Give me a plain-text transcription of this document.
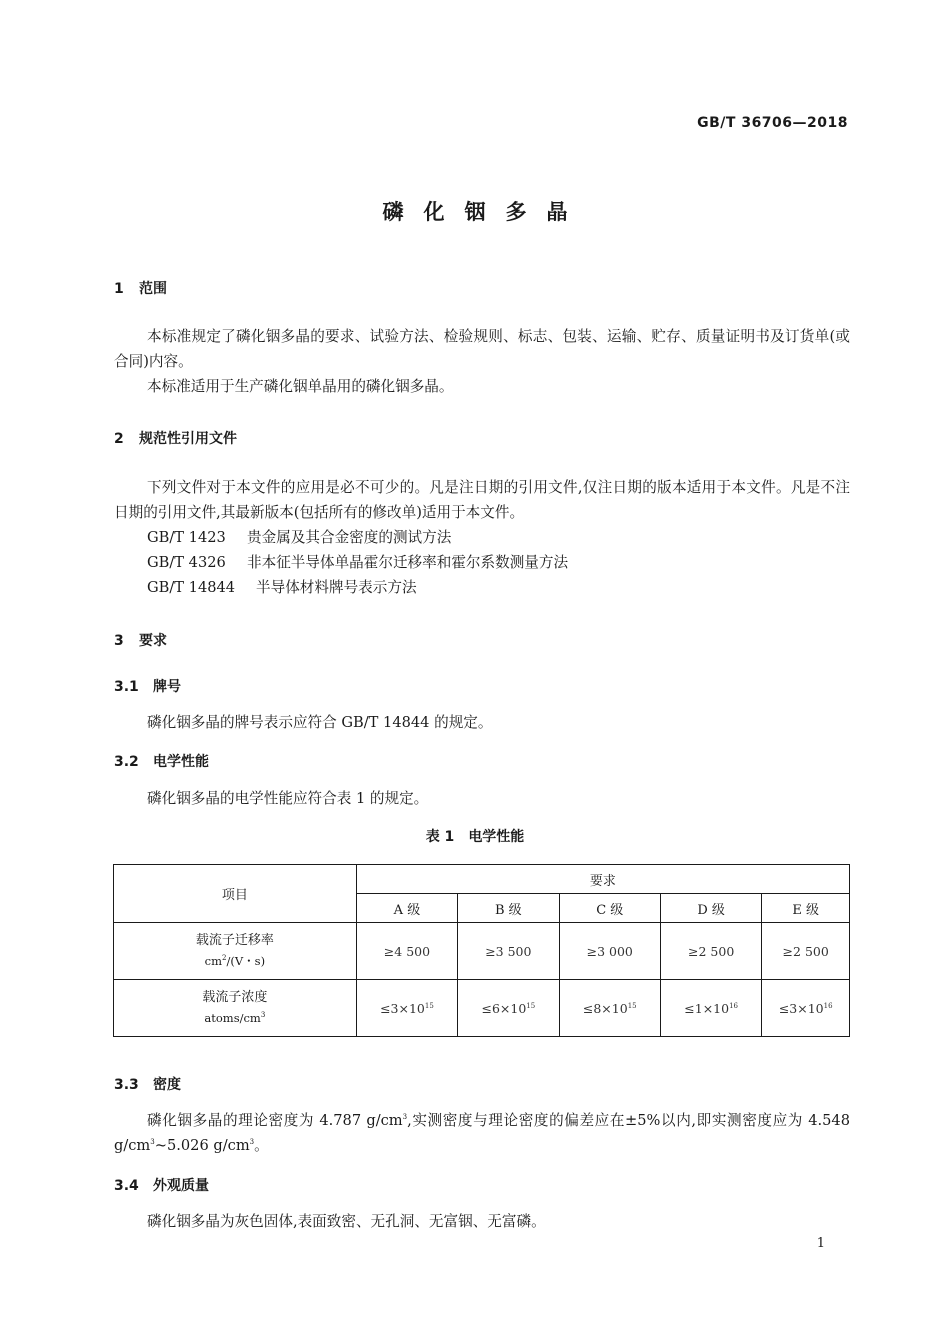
GB/T 36706—2018
磷化铟多晶
1 范围
本标准规定了磷化铟多晶的要求、试验方法、检验规则、标志、包装、运输、贮存、质量证明书及订货单(或合同)内容。
本标准适用于生产磷化铟单晶用的磷化铟多晶。
2 规范性引用文件
下列文件对于本文件的应用是必不可少的。凡是注日期的引用文件,仅注日期的版本适用于本文件。凡是不注日期的引用文件,其最新版本(包括所有的修改单)适用于本文件。
GB/T 1423 贵金属及其合金密度的测试方法
GB/T 4326 非本征半导体单晶霍尔迁移率和霍尔系数测量方法
GB/T 14844 半导体材料牌号表示方法
3 要求
3.1 牌号
磷化铟多晶的牌号表示应符合 GB/T 14844 的规定。
3.2 电学性能
磷化铟多晶的电学性能应符合表 1 的规定。
表 1 电学性能
项目	要求				
	A 级	B 级	C 级	D 级	E 级

载流子迁移率
$cm^2/(V$・s)	≥4 500	≥3 500	≥3 000	≥2 500	≥2 500

载流子浓度
atoms/$cm^3$	$\le 3\times 10^{15}$	$\le 6\times 10^{15}$	$\le 8\times 10^{15}$	$\le 1\times 10^{16}$	$\le 3\times 10^{16}$
3.3 密度
磷化铟多晶的理论密度为 4.787 $g/cm^3$,实测密度与理论密度的偏差应在±5%以内,即实测密度应为 4.548 $g/cm^3\sim 5.026$ $g/cm^3$。
3.4 外观质量
磷化铟多晶为灰色固体,表面致密、无孔洞、无富铟、无富磷。
1
